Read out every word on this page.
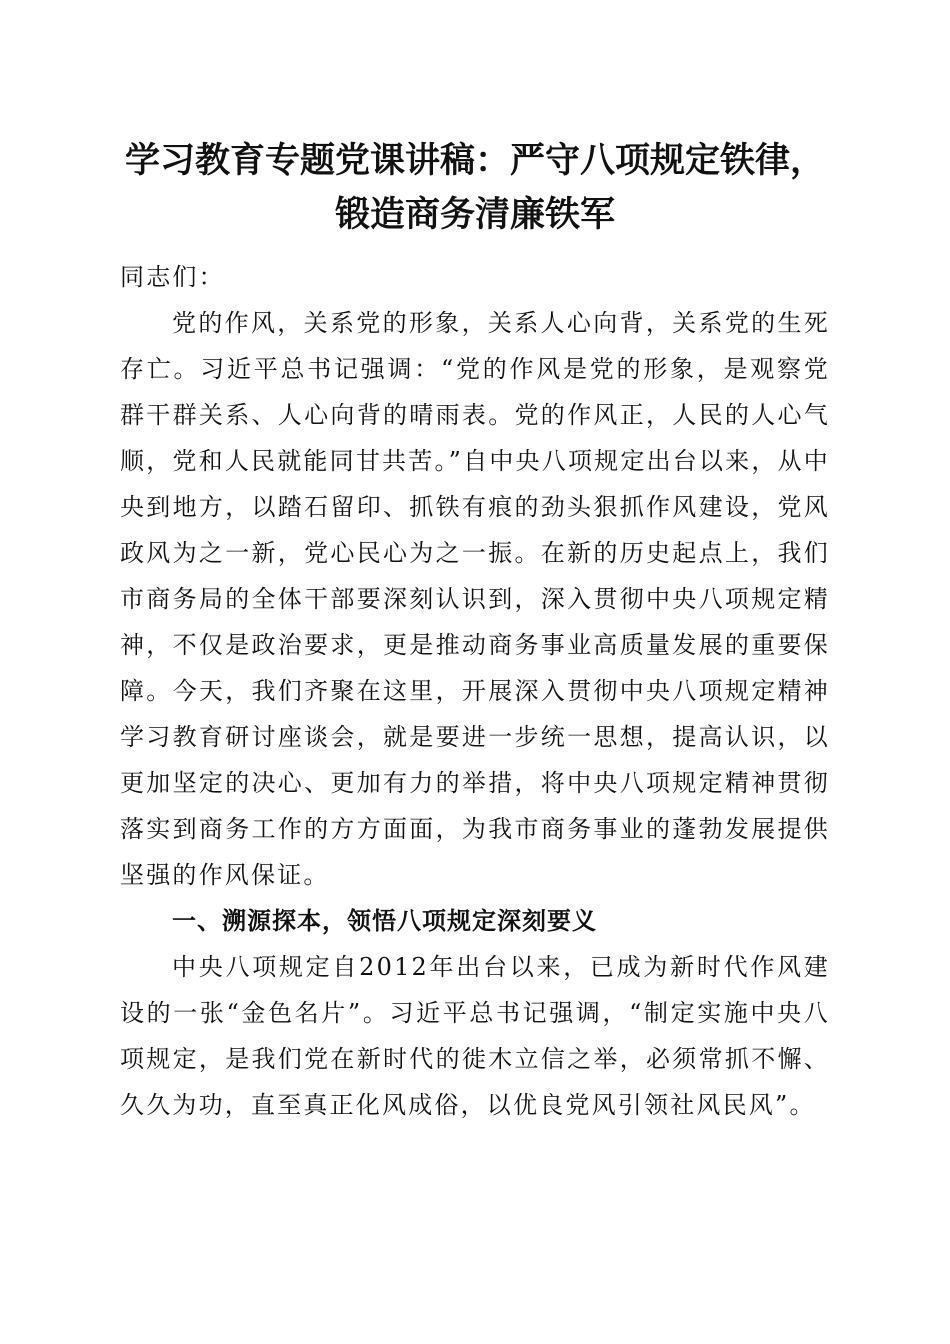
学习教育专题党课讲稿：严守八项规定铁律，
锻造商务清廉铁军

同志们：

党的作风，关系党的形象，关系人心向背，关系党的生死存亡。习近平总书记强调：“党的作风是党的形象，是观察党群干群关系、人心向背的晴雨表。党的作风正，人民的人心气顺，党和人民就能同甘共苦。”自中央八项规定出台以来，从中央到地方，以踏石留印、抓铁有痕的劲头狠抓作风建设，党风政风为之一新，党心民心为之一振。在新的历史起点上，我们市商务局的全体干部要深刻认识到，深入贯彻中央八项规定精神，不仅是政治要求，更是推动商务事业高质量发展的重要保障。今天，我们齐聚在这里，开展深入贯彻中央八项规定精神学习教育研讨座谈会，就是要进一步统一思想，提高认识，以更加坚定的决心、更加有力的举措，将中央八项规定精神贯彻落实到商务工作的方方面面，为我市商务事业的蓬勃发展提供坚强的作风保证。

一、溯源探本，领悟八项规定深刻要义

中央八项规定自2012年出台以来，已成为新时代作风建设的一张“金色名片”。习近平总书记强调，“制定实施中央八项规定，是我们党在新时代的徙木立信之举，必须常抓不懈、久久为功，直至真正化风成俗，以优良党风引领社风民风”。
